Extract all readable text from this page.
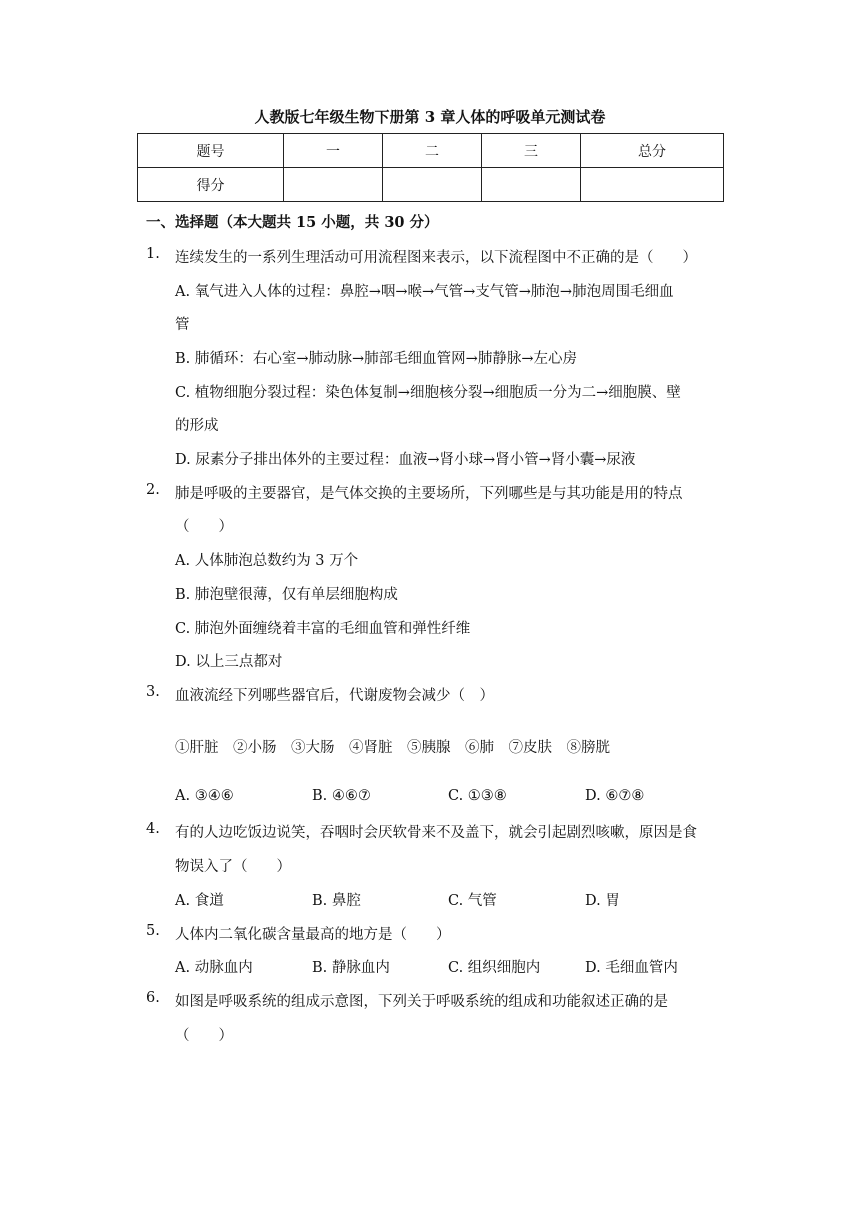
人教版七年级生物下册第 3 章人体的呼吸单元测试卷
题号	一	二	三	总分
得分				
一、选择题（本大题共 15 小题，共 30 分）
1. 连续发生的一系列生理活动可用流程图来表示，以下流程图中不正确的是（　　）
A. 氧气进入人体的过程：鼻腔→咽→喉→气管→支气管→肺泡→肺泡周围毛细血
管
B. 肺循环：右心室→肺动脉→肺部毛细血管网→肺静脉→左心房
C. 植物细胞分裂过程：染色体复制→细胞核分裂→细胞质一分为二→细胞膜、壁
的形成
D. 尿素分子排出体外的主要过程：血液→肾小球→肾小管→肾小囊→尿液
2. 肺是呼吸的主要器官，是气体交换的主要场所，下列哪些是与其功能是用的特点
（　　）
B. 肺泡壁很薄，仅有单层细胞构成
A. 人体肺泡总数约为 3 万个
C. 肺泡外面缠绕着丰富的毛细血管和弹性纤维
D. 以上三点都对
3. 血液流经下列哪些器官后，代谢废物会减少（　）
①肝脏　②小肠　③大肠　④肾脏　⑤胰腺　⑥肺　⑦皮肤　⑧膀胱
A. ③④⑥	B. ④⑥⑦	C. ①③⑧	D. ⑥⑦⑧
4. 有的人边吃饭边说笑，吞咽时会厌软骨来不及盖下，就会引起剧烈咳嗽，原因是食
物误入了（　　）
A. 食道	B. 鼻腔	C. 气管	D. 胃
5. 人体内二氧化碳含量最高的地方是（　　）
A. 动脉血内	B. 静脉血内	C. 组织细胞内	D. 毛细血管内
6. 如图是呼吸系统的组成示意图，下列关于呼吸系统的组成和功能叙述正确的是
（　　）
